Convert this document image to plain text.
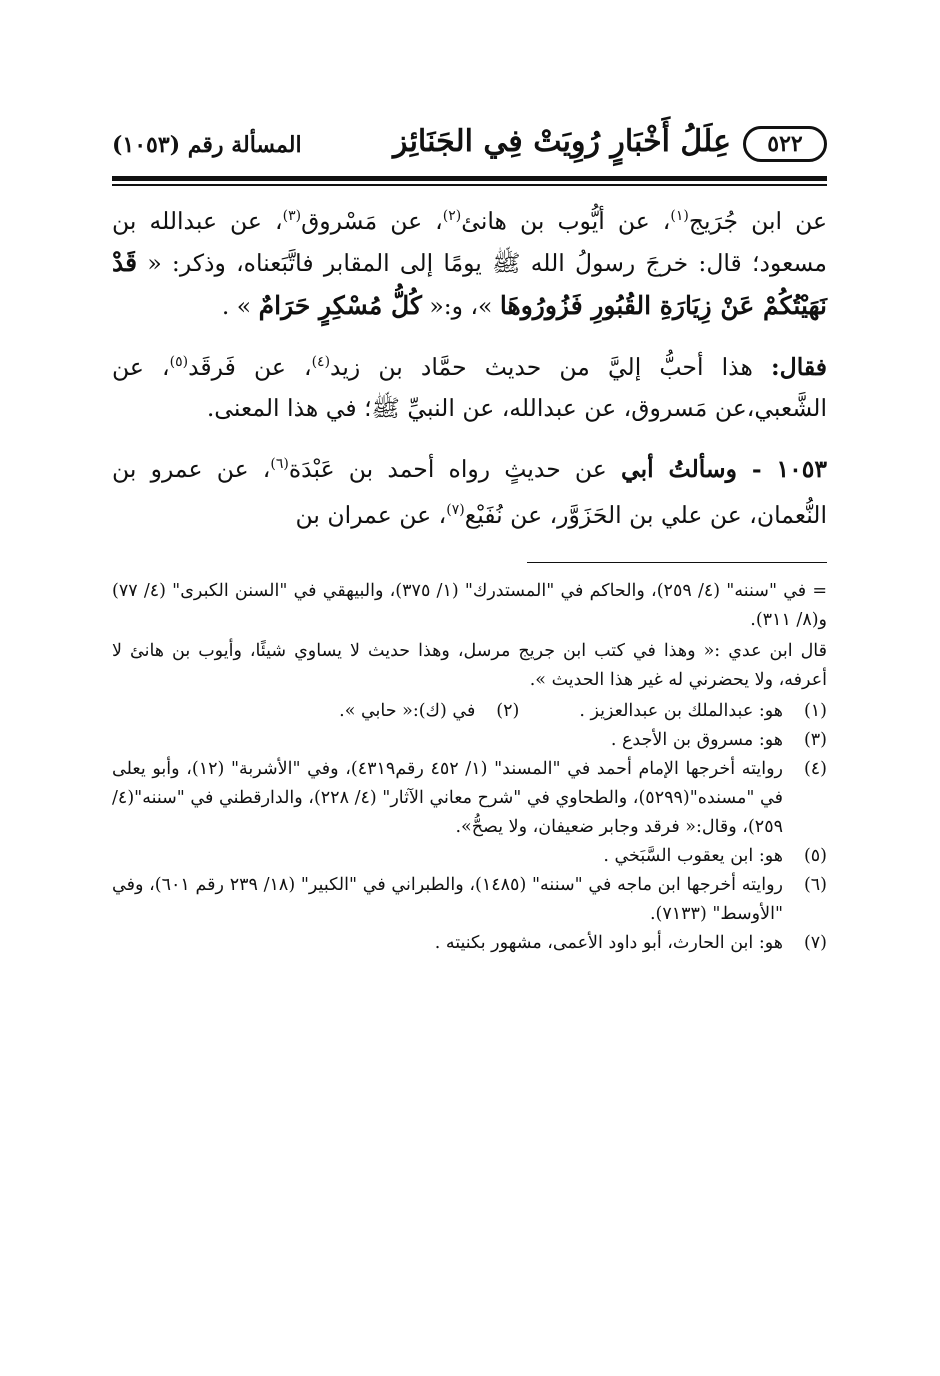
٥٢٢
عِلَلُ أَخْبَارٍ رُوِيَتْ فِي الجَنَائِز
المسألة رقم (١٠٥٣)

عن ابن جُرَيج$^{(١)}$، عن أيُّوب بن هانئ$^{(٢)}$، عن مَسْروق$^{(٣)}$، عن عبدالله بن مسعود؛ قال: خرجَ رسولُ الله ﷺ يومًا إلى المقابر فاتَّبَعناه، وذكر: « قَدْ نَهَيْتُكُمْ عَنْ زِيَارَةِ القُبُورِ فَزُورُوهَا »، و:« كُلُّ مُسْكِرٍ حَرَامٌ » .

فقال: هذا أحبُّ إليَّ من حديث حمَّاد بن زيد$^{(٤)}$، عن فَرقَد$^{(٥)}$، عن الشَّعبي،عن مَسروق، عن عبدالله، عن النبيِّ ﷺ؛ في هذا المعنى.

١٠٥٣ - وسألتُ أبي عن حديثٍ رواه أحمد بن عَبْدَة$^{(٦)}$، عن عمرو بن النُّعمان، عن علي بن الحَزَوَّر، عن نُفَيْع$^{(٧)}$، عن عمران بن

= في "سننه" (٤/ ٢٥٩)، والحاكم في "المستدرك" (١/ ٣٧٥)، والبيهقي في "السنن الكبرى" (٤/ ٧٧) و(٨/ ٣١١).

قال ابن عدي :« وهذا في كتب ابن جريج مرسل، وهذا حديث لا يساوي شيئًا، وأيوب بن هانئ لا أعرفه، ولا يحضرني له غير هذا الحديث ».

(١)
هو: عبدالملك بن عبدالعزيز .
(٢)
في (ك):« حابي ».
(٣)
هو: مسروق بن الأجدع .
(٤)
روايته أخرجها الإمام أحمد في "المسند" (١/ ٤٥٢ رقم٤٣١٩)، وفي "الأشربة" (١٢)، وأبو يعلى في "مسنده"(٥٢٩٩)، والطحاوي في "شرح معاني الآثار" (٤/ ٢٢٨)، والدارقطني في "سننه"(٤/ ٢٥٩)، وقال:« فرقد وجابر ضعيفان، ولا يصحُّ».
(٥)
هو: ابن يعقوب السَّبَخي .
(٦)
روايته أخرجها ابن ماجه في "سننه" (١٤٨٥)، والطبراني في "الكبير" (١٨/ ٢٣٩ رقم ٦٠١)، وفي "الأوسط" (٧١٣٣).
(٧)
هو: ابن الحارث، أبو داود الأعمى، مشهور بكنيته .
